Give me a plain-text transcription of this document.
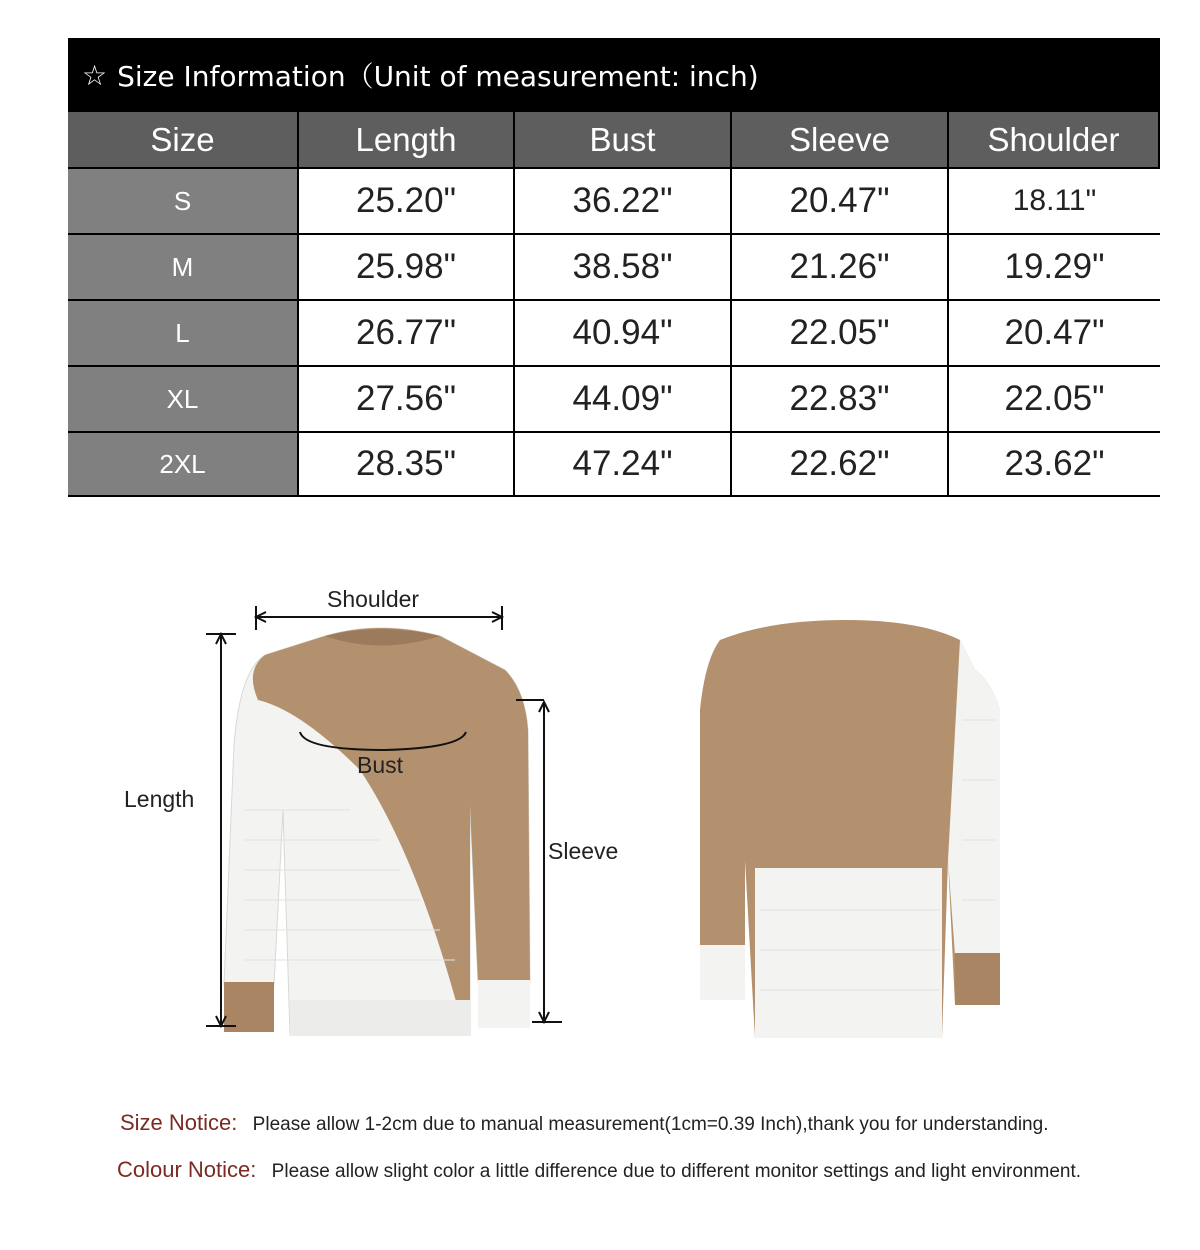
☆ Size Information（Unit of measurement: inch)
Size	Length	Bust	Sleeve	Shoulder
S	25.20"	36.22"	20.47"	18.11"
M	25.98"	38.58"	21.26"	19.29"
L	26.77"	40.94"	22.05"	20.47"
XL	27.56"	44.09"	22.83"	22.05"
2XL	28.35"	47.24"	22.62"	23.62"
Shoulder
Bust
Length
Sleeve
Size Notice: Please allow 1-2cm due to manual measurement(1cm=0.39 Inch),thank you for understanding.
Colour Notice: Please allow slight color a little difference due to different monitor settings and light environment.
